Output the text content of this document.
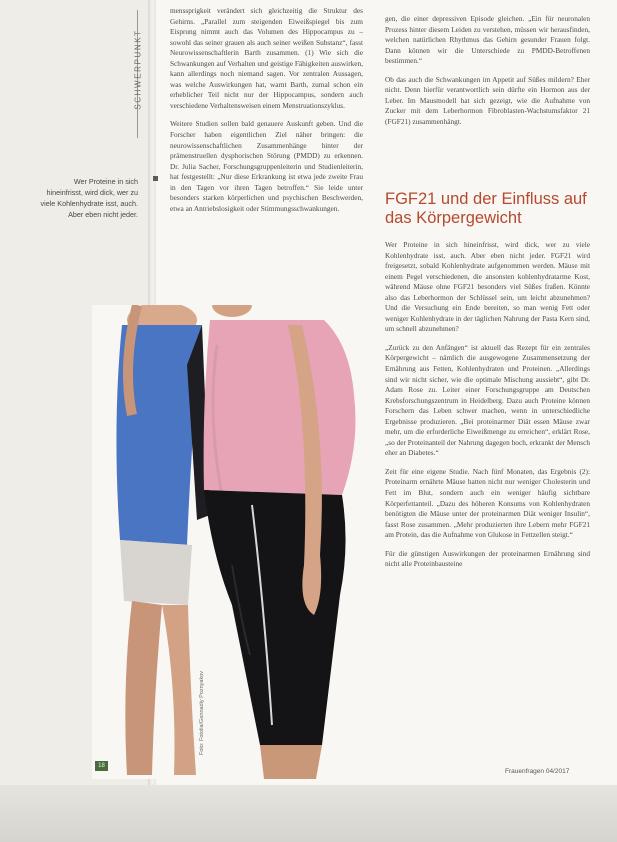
SCHWERPUNKT
Wer Proteine in sich hineinfrisst, wird dick, wer zu viele Kohlenhydrate isst, auch. Aber eben nicht jeder.

menssprigkeit verändert sich gleichzeitig die Struktur des Gehirns. „Parallel zum steigenden Eiweißspiegel bis zum Eisprung nimmt auch das Volumen des Hippocampus zu – sowohl das seiner grauen als auch seiner weißen Substanz“, fasst Neurowissenschaftlerin Barth zusammen. (1) Wie sich die Schwankungen auf Verhalten und geistige Fähigkeiten auswirken, kann allerdings noch niemand sagen. Vor zentralen Aussagen, was welche Auswirkungen hat, warnt Barth, zumal schon ein erheblicher Teil nicht nur der Hippocampus, sondern auch verschiedene Verhaltensweisen einem Menstruationszyklus.

Weitere Studien sollen bald genauere Auskunft geben. Und die Forscher haben eigentlichen Ziel näher bringen: die neurowissenschaftlichen Zusammenhänge hinter der prämenstruellen dysphorischen Störung (PMDD) zu erkennen. Dr. Julia Sacher, Forschungsgruppenleiterin und Studienleiterin, hat festgestellt: „Nur diese Erkrankung ist etwa jede zweite Frau in den Tagen vor ihren Tagen betroffen.“ Sie leide unter besonders starken körperlichen und psychischen Beschwerden, etwa an Antriebslosigkeit oder Stimmungsschwankungen.

gen, die einer depressiven Episode gleichen. „Ein für neuronalen Prozess hinter diesem Leiden zu verstehen, müssen wir herausfinden, welchen natürlichen Rhythmus das Gehirn gesunder Frauen folgt. Dann können wir die Unterschiede zu PMDD-Betroffenen bestimmen.“

Ob das auch die Schwankungen im Appetit auf Süßes mildern? Eher nicht. Denn hierfür verantwortlich sein dürfte ein Hormon aus der Leber. Im Mausmodell hat sich gezeigt, wie die Aufnahme von Zucker mit dem Leberhormon Fibroblasten-Wachstumsfaktor 21 (FGF21) zusammenhängt.

FGF21 und der Einfluss auf das Körpergewicht

Wer Proteine in sich hineinfrisst, wird dick, wer zu viele Kohlenhydrate isst, auch. Aber eben nicht jeder. FGF21 wird freigesetzt, sobald Kohlenhydrate aufgenommen werden. Mäuse mit einem Pegel verschiedenen, die ansonsten kohlenhydratarme Kost, während Mäuse ohne FGF21 besonders viel Süßes fraßen. Könnte also das Leberhormon der Schlüssel sein, um leicht abzunehmen? Und die Versuchung ein Ende bereiten, so man wenig Fett oder weniger Kohlenhydrate in der täglichen Nahrung der Pasta Kern sind, um schnell abzunehmen?

„Zurück zu den Anfängen“ ist aktuell das Rezept für ein zentrales Körpergewicht – nämlich die ausgewogene Zusammensetzung der Ernährung aus Fetten, Kohlenhydraten und Proteinen. „Allerdings sind wir nicht sicher, wie die optimale Mischung aussieht“, gibt Dr. Adam Rose zu. Leiter einer Forschungsgruppe am Deutschen Krebsforschungszentrum in Heidelberg. Dazu auch Proteine können Forschern das Leben schwer machen, wenn in unterschiedliche Ergebnisse produzieren. „Bei proteinarmer Diät essen Mäuse zwar mehr, um die erforderliche Eiweißmenge zu erreichen“, erklärt Rose, „so der Proteinanteil der Nahrung dagegen hoch, erkrankt der Mensch eher an Diabetes.“

Zeit für eine eigene Studie. Nach fünf Monaten, das Ergebnis (2): Proteinarm ernährte Mäuse hatten nicht nur weniger Cholesterin und Fett im Blut, sondern auch ein weniger häufig sichtbare Körperfettanteil. „Dazu des höheren Konsums von Kohlenhydraten benötigten die Mäuse unter der proteinarmen Diät weniger Insulin“, fasst Rose zusammen. „Mehr produzierten ihre Lebern mehr FGF21 am Protein, das die Aufnahme von Glukose in Fettzellen steigt.“

Für die günstigen Auswirkungen der proteinarmen Ernährung sind nicht alle Proteinbausteine

Foto: Fotolia/Gennadiy Poznyakov
18
Frauenfragen 04/2017
